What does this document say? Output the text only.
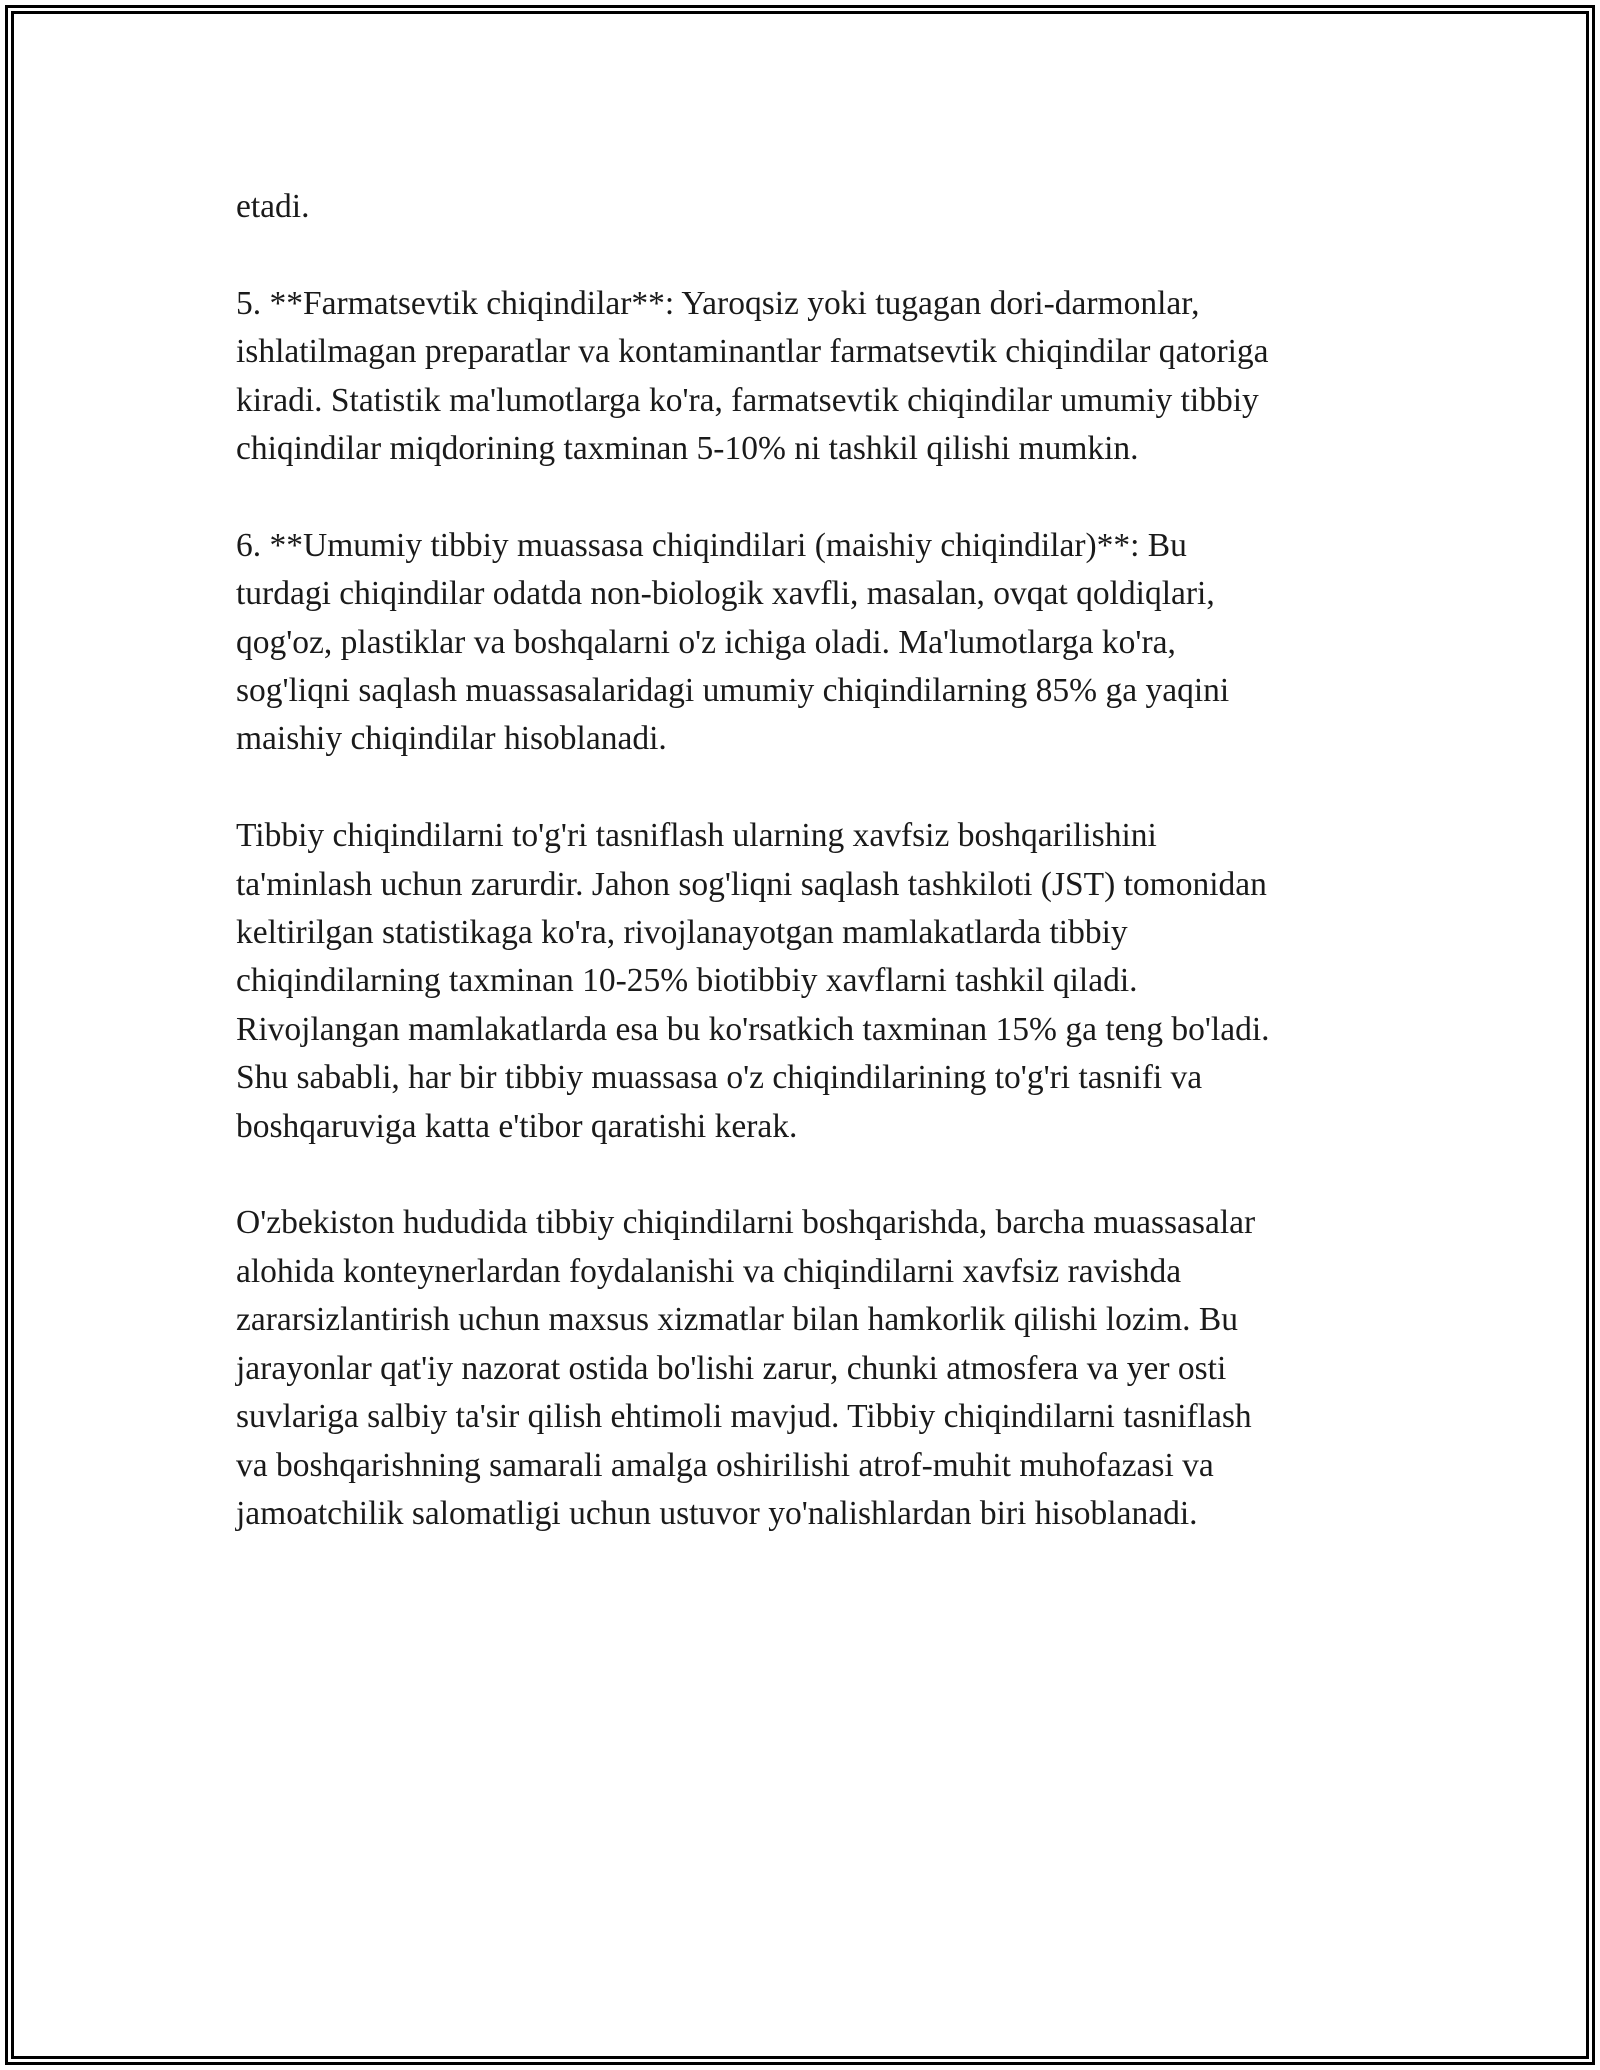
etadi.

5. **Farmatsevtik chiqindilar**: Yaroqsiz yoki tugagan dori-darmonlar,
ishlatilmagan preparatlar va kontaminantlar farmatsevtik chiqindilar qatoriga
kiradi. Statistik ma'lumotlarga ko'ra, farmatsevtik chiqindilar umumiy tibbiy
chiqindilar miqdorining taxminan 5-10% ni tashkil qilishi mumkin.

6. **Umumiy tibbiy muassasa chiqindilari (maishiy chiqindilar)**: Bu
turdagi chiqindilar odatda non-biologik xavfli, masalan, ovqat qoldiqlari,
qog'oz, plastiklar va boshqalarni o'z ichiga oladi. Ma'lumotlarga ko'ra,
sog'liqni saqlash muassasalaridagi umumiy chiqindilarning 85% ga yaqini
maishiy chiqindilar hisoblanadi.

Tibbiy chiqindilarni to'g'ri tasniflash ularning xavfsiz boshqarilishini
ta'minlash uchun zarurdir. Jahon sog'liqni saqlash tashkiloti (JST) tomonidan
keltirilgan statistikaga ko'ra, rivojlanayotgan mamlakatlarda tibbiy
chiqindilarning taxminan 10-25% biotibbiy xavflarni tashkil qiladi.
Rivojlangan mamlakatlarda esa bu ko'rsatkich taxminan 15% ga teng bo'ladi.
Shu sababli, har bir tibbiy muassasa o'z chiqindilarining to'g'ri tasnifi va
boshqaruviga katta e'tibor qaratishi kerak.

O'zbekiston hududida tibbiy chiqindilarni boshqarishda, barcha muassasalar
alohida konteynerlardan foydalanishi va chiqindilarni xavfsiz ravishda
zararsizlantirish uchun maxsus xizmatlar bilan hamkorlik qilishi lozim. Bu
jarayonlar qat'iy nazorat ostida bo'lishi zarur, chunki atmosfera va yer osti
suvlariga salbiy ta'sir qilish ehtimoli mavjud. Tibbiy chiqindilarni tasniflash
va boshqarishning samarali amalga oshirilishi atrof-muhit muhofazasi va
jamoatchilik salomatligi uchun ustuvor yo'nalishlardan biri hisoblanadi.
